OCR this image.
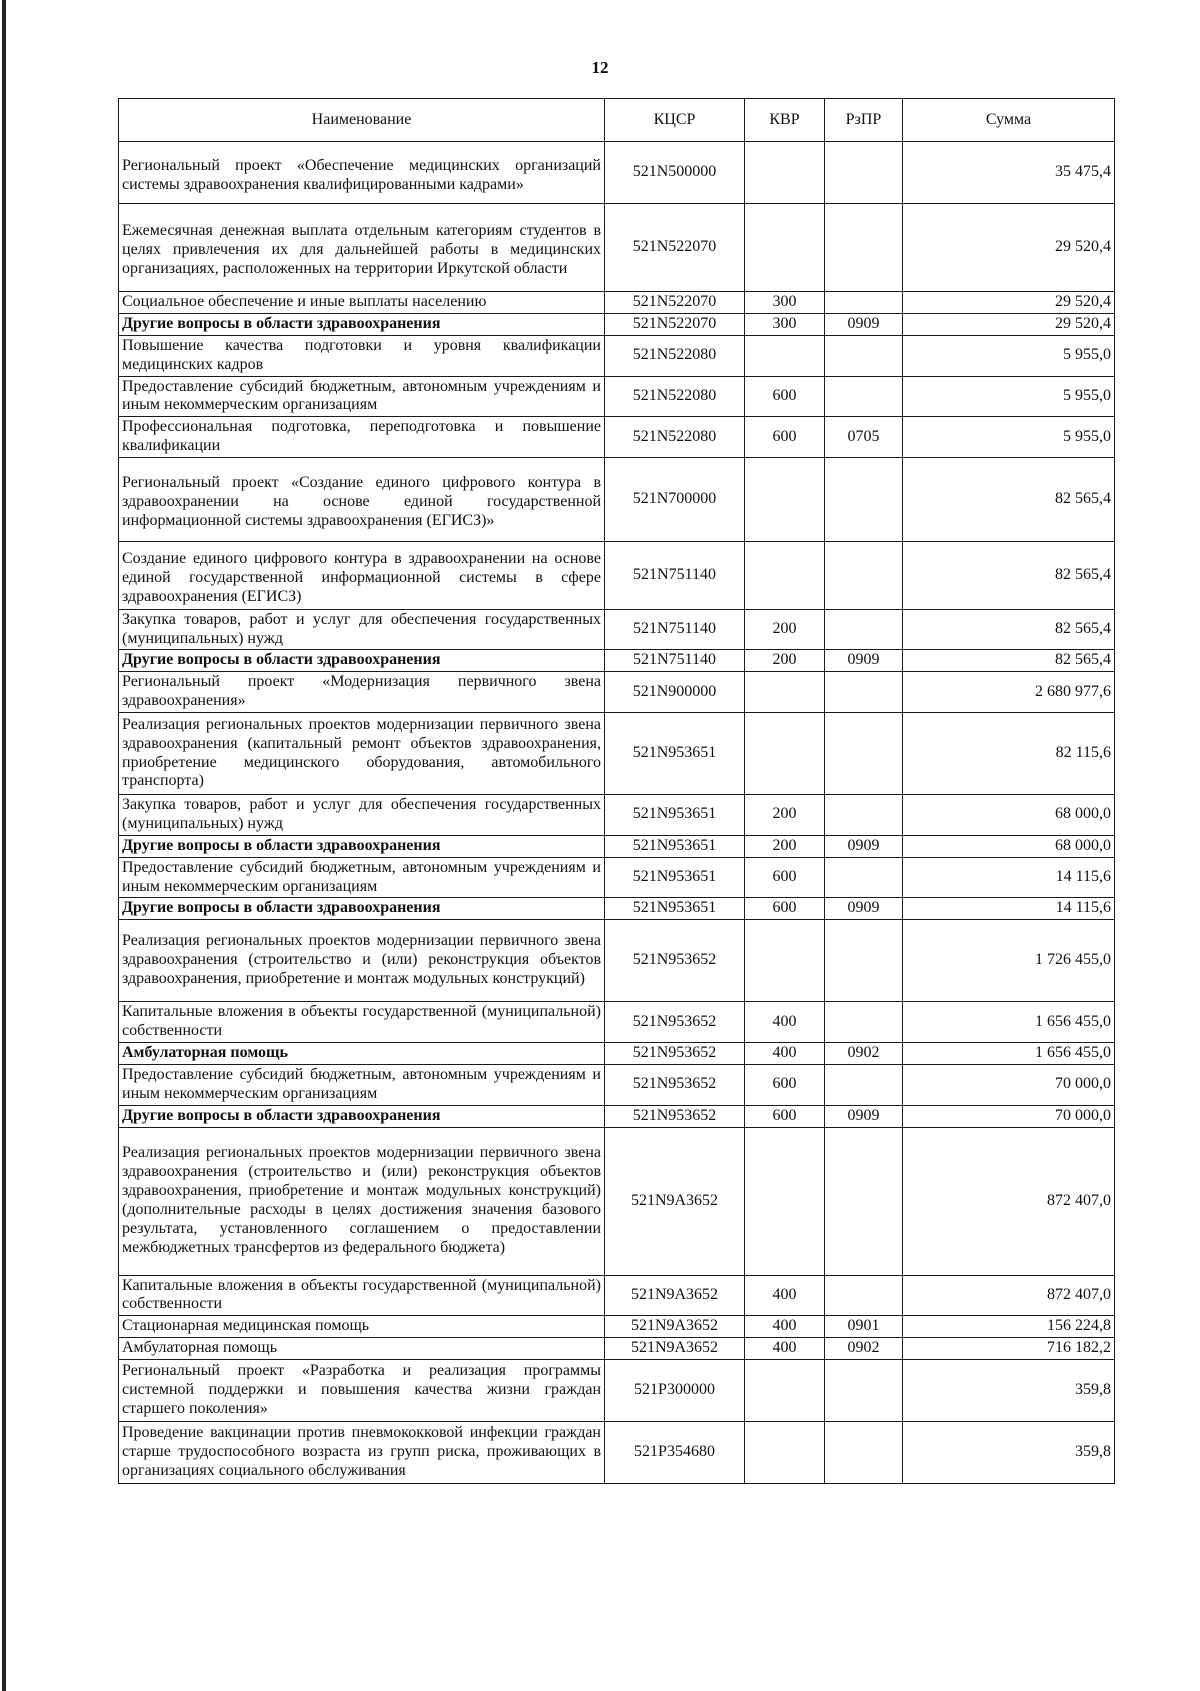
12
Наименование	КЦСР	КВР	РзПР	Сумма
Региональный проект «Обеспечение медицинских организаций системы здравоохранения квалифицированными кадрами»	521N500000			35 475,4
Ежемесячная денежная выплата отдельным категориям студентов в целях привлечения их для дальнейшей работы в медицинских организациях, расположенных на территории Иркутской области	521N522070			29 520,4
Социальное обеспечение и иные выплаты населению	521N522070	300		29 520,4
Другие вопросы в области здравоохранения	521N522070	300	0909	29 520,4
Повышение качества подготовки и уровня квалификации медицинских кадров	521N522080			5 955,0
Предоставление субсидий бюджетным, автономным учреждениям и иным некоммерческим организациям	521N522080	600		5 955,0
Профессиональная подготовка, переподготовка и повышение квалификации	521N522080	600	0705	5 955,0
Региональный проект «Создание единого цифрового контура в здравоохранении на основе единой государственной информационной системы здравоохранения (ЕГИСЗ)»	521N700000			82 565,4
Создание единого цифрового контура в здравоохранении на основе единой государственной информационной системы в сфере здравоохранения (ЕГИСЗ)	521N751140			82 565,4
Закупка товаров, работ и услуг для обеспечения государственных (муниципальных) нужд	521N751140	200		82 565,4
Другие вопросы в области здравоохранения	521N751140	200	0909	82 565,4
Региональный проект «Модернизация первичного звена здравоохранения»	521N900000			2 680 977,6
Реализация региональных проектов модернизации первичного звена здравоохранения (капитальный ремонт объектов здравоохранения, приобретение медицинского оборудования, автомобильного транспорта)	521N953651			82 115,6
Закупка товаров, работ и услуг для обеспечения государственных (муниципальных) нужд	521N953651	200		68 000,0
Другие вопросы в области здравоохранения	521N953651	200	0909	68 000,0
Предоставление субсидий бюджетным, автономным учреждениям и иным некоммерческим организациям	521N953651	600		14 115,6
Другие вопросы в области здравоохранения	521N953651	600	0909	14 115,6
Реализация региональных проектов модернизации первичного звена здравоохранения (строительство и (или) реконструкция объектов здравоохранения, приобретение и монтаж модульных конструкций)	521N953652			1 726 455,0
Капитальные вложения в объекты государственной (муниципальной) собственности	521N953652	400		1 656 455,0
Амбулаторная помощь	521N953652	400	0902	1 656 455,0
Предоставление субсидий бюджетным, автономным учреждениям и иным некоммерческим организациям	521N953652	600		70 000,0
Другие вопросы в области здравоохранения	521N953652	600	0909	70 000,0
Реализация региональных проектов модернизации первичного звена здравоохранения (строительство и (или) реконструкция объектов здравоохранения, приобретение и монтаж модульных конструкций) (дополнительные расходы в целях достижения значения базового результата, установленного соглашением о предоставлении межбюджетных трансфертов из федерального бюджета)	521N9A3652			872 407,0
Капитальные вложения в объекты государственной (муниципальной) собственности	521N9A3652	400		872 407,0
Стационарная медицинская помощь	521N9A3652	400	0901	156 224,8
Амбулаторная помощь	521N9A3652	400	0902	716 182,2
Региональный проект «Разработка и реализация программы системной поддержки и повышения качества жизни граждан старшего поколения»	521P300000			359,8
Проведение вакцинации против пневмококковой инфекции граждан старше трудоспособного возраста из групп риска, проживающих в организациях социального обслуживания	521P354680			359,8
